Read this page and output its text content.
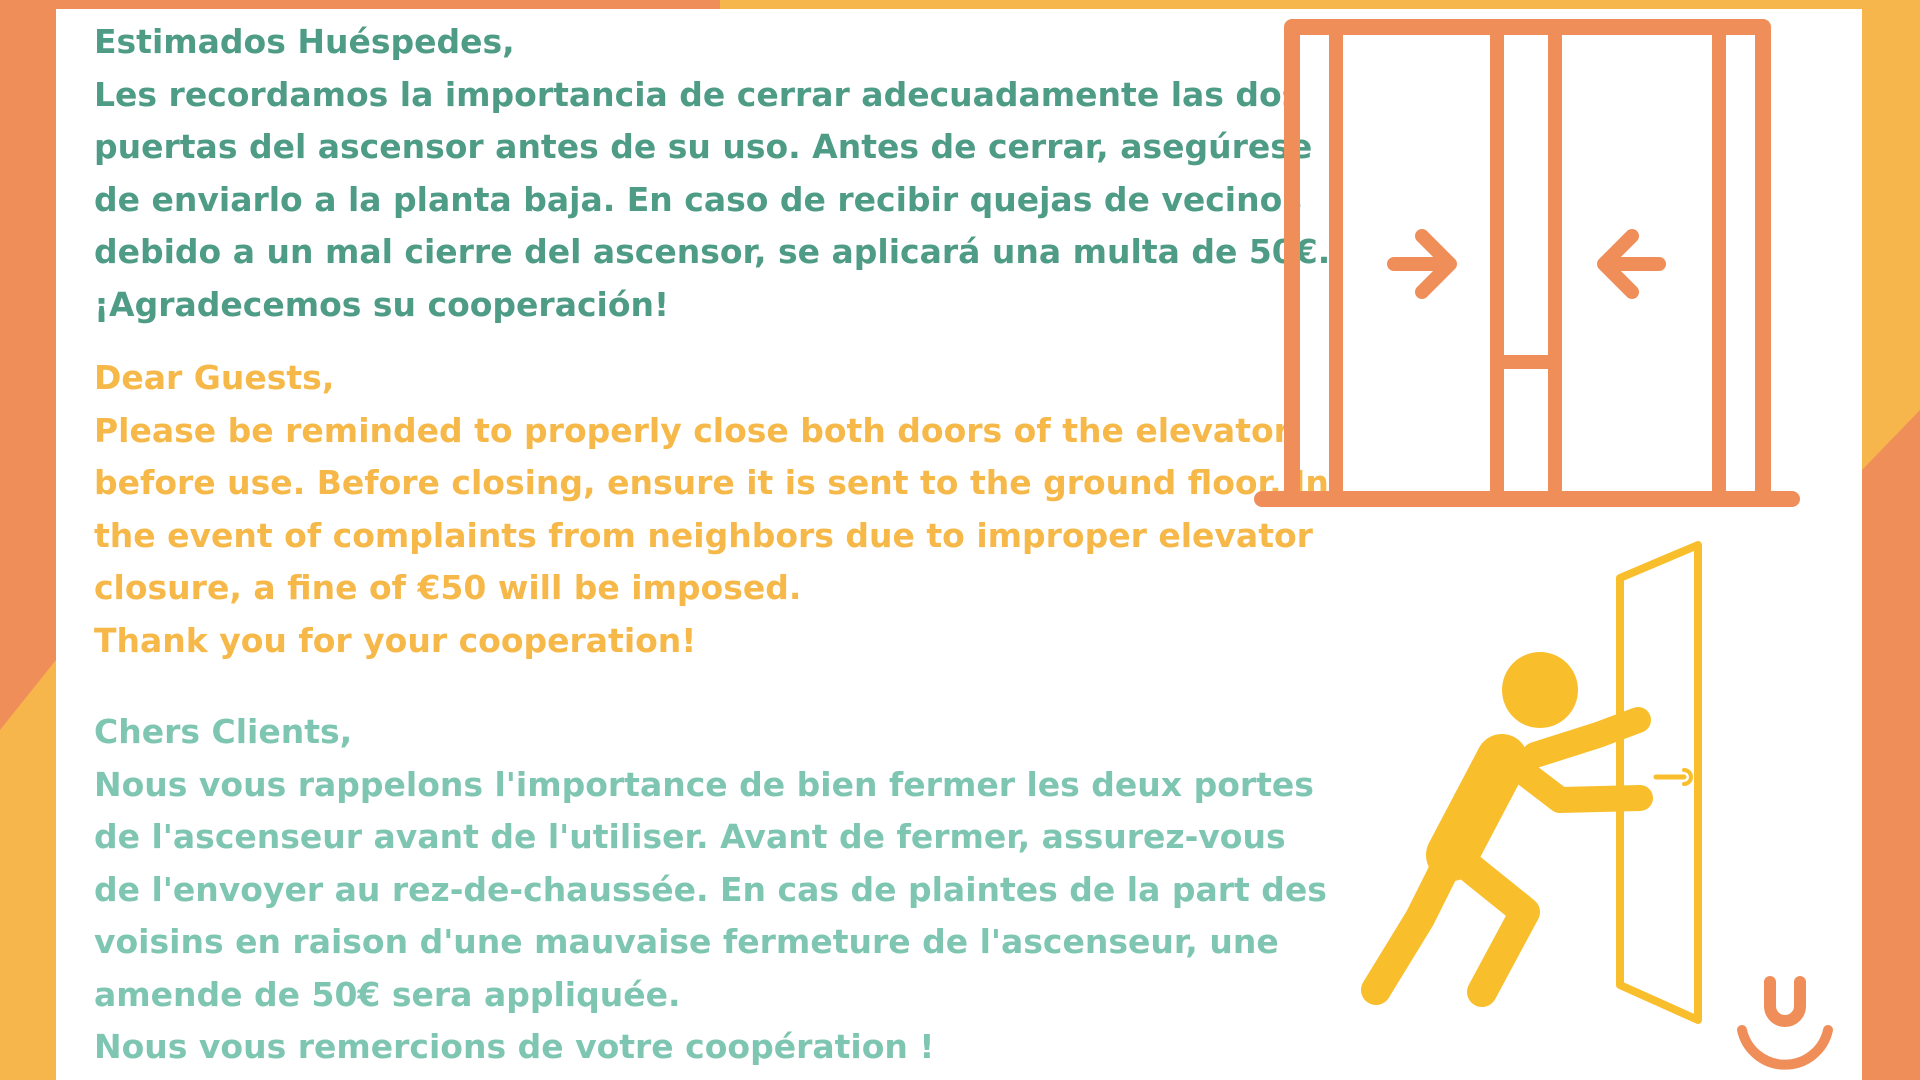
Estimados Huéspedes,
Les recordamos la importancia de cerrar adecuadamente las dos
puertas del ascensor antes de su uso. Antes de cerrar, asegúrese
de enviarlo a la planta baja. En caso de recibir quejas de vecinos
debido a un mal cierre del ascensor, se aplicará una multa de 50€.
¡Agradecemos su cooperación!
Dear Guests,
Please be reminded to properly close both doors of the elevator
before use. Before closing, ensure it is sent to the ground floor. In
the event of complaints from neighbors due to improper elevator
closure, a fine of €50 will be imposed.
Thank you for your cooperation!
Chers Clients,
Nous vous rappelons l'importance de bien fermer les deux portes
de l'ascenseur avant de l'utiliser. Avant de fermer, assurez-vous
de l'envoyer au rez-de-chaussée. En cas de plaintes de la part des
voisins en raison d'une mauvaise fermeture de l'ascenseur, une
amende de 50€ sera appliquée.
Nous vous remercions de votre coopération !
